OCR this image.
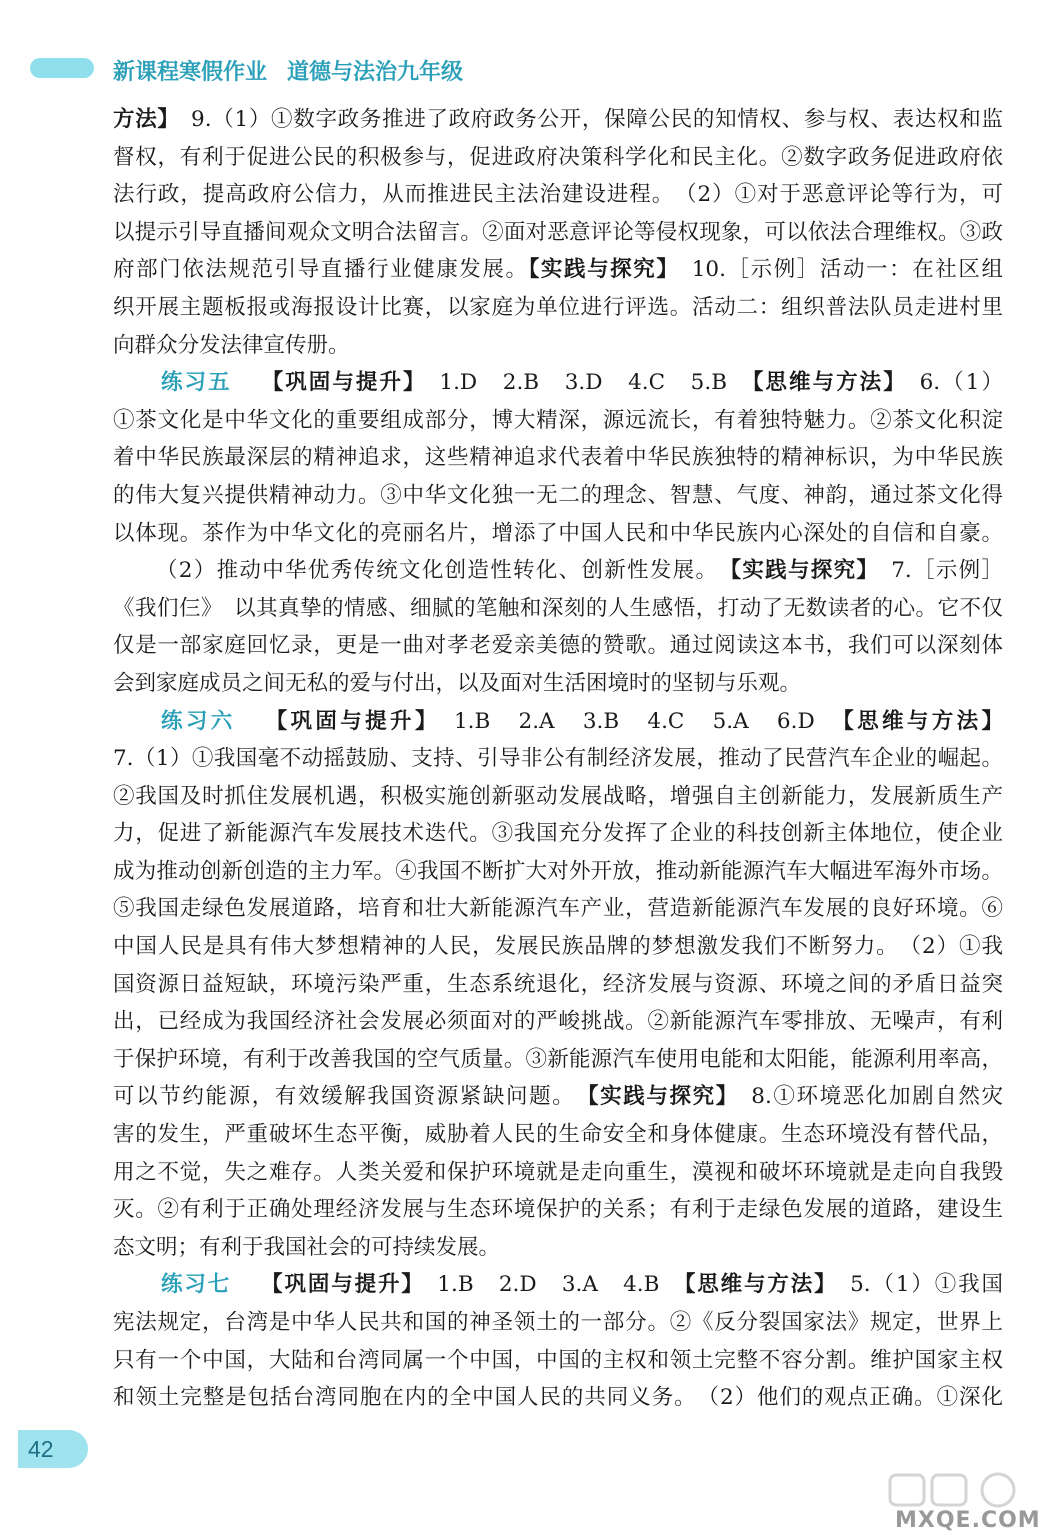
新课程寒假作业 道德与法治九年级
方法】　9.（1）①数字政务推进了政府政务公开，保障公民的知情权、参与权、表达权和监
督权，有利于促进公民的积极参与，促进政府决策科学化和民主化。②数字政务促进政府依
法行政，提高政府公信力，从而推进民主法治建设进程。　（2）①对于恶意评论等行为，可
以提示引导直播间观众文明合法留言。②面对恶意评论等侵权现象，可以依法合理维权。③政
府部门依法规范引导直播行业健康发展。【实践与探究】　10.［示例］活动一：在社区组
织开展主题板报或海报设计比赛，以家庭为单位进行评选。活动二：组织普法队员走进村里
向群众分发法律宣传册。
练习五 【巩固与提升】　1.D　2.B　3.D　4.C　5.B　【思维与方法】　6.（1）
①茶文化是中华文化的重要组成部分，博大精深，源远流长，有着独特魅力。②茶文化积淀
着中华民族最深层的精神追求，这些精神追求代表着中华民族独特的精神标识，为中华民族
的伟大复兴提供精神动力。③中华文化独一无二的理念、智慧、气度、神韵，通过茶文化得
以体现。茶作为中华文化的亮丽名片，增添了中国人民和中华民族内心深处的自信和自豪。
（2）推动中华优秀传统文化创造性转化、创新性发展。　【实践与探究】　7.［示例］
《我们仨》　以其真挚的情感、细腻的笔触和深刻的人生感悟，打动了无数读者的心。它不仅
仅是一部家庭回忆录，更是一曲对孝老爱亲美德的赞歌。通过阅读这本书，我们可以深刻体
会到家庭成员之间无私的爱与付出，以及面对生活困境时的坚韧与乐观。
练习六 【巩固与提升】　1.B　2.A　3.B　4.C　5.A　6.D　【思维与方法】
7.（1）①我国毫不动摇鼓励、支持、引导非公有制经济发展，推动了民营汽车企业的崛起。
②我国及时抓住发展机遇，积极实施创新驱动发展战略，增强自主创新能力，发展新质生产
力，促进了新能源汽车发展技术迭代。③我国充分发挥了企业的科技创新主体地位，使企业
成为推动创新创造的主力军。④我国不断扩大对外开放，推动新能源汽车大幅进军海外市场。
⑤我国走绿色发展道路，培育和壮大新能源汽车产业，营造新能源汽车发展的良好环境。⑥
中国人民是具有伟大梦想精神的人民，发展民族品牌的梦想激发我们不断努力。　（2）①我
国资源日益短缺，环境污染严重，生态系统退化，经济发展与资源、环境之间的矛盾日益突
出，已经成为我国经济社会发展必须面对的严峻挑战。②新能源汽车零排放、无噪声，有利
于保护环境，有利于改善我国的空气质量。③新能源汽车使用电能和太阳能，能源利用率高，
可以节约能源，有效缓解我国资源紧缺问题。　【实践与探究】　8.①环境恶化加剧自然灾
害的发生，严重破坏生态平衡，威胁着人民的生命安全和身体健康。生态环境没有替代品，
用之不觉，失之难存。人类关爱和保护环境就是走向重生，漠视和破坏环境就是走向自我毁
灭。②有利于正确处理经济发展与生态环境保护的关系；有利于走绿色发展的道路，建设生
态文明；有利于我国社会的可持续发展。
练习七 【巩固与提升】　1.B　2.D　3.A　4.B　【思维与方法】　5.（1）①我国
宪法规定，台湾是中华人民共和国的神圣领土的一部分。②《反分裂国家法》规定，世界上
只有一个中国，大陆和台湾同属一个中国，中国的主权和领土完整不容分割。维护国家主权
和领土完整是包括台湾同胞在内的全中国人民的共同义务。　（2）他们的观点正确。①深化
42
MXQE.COM
